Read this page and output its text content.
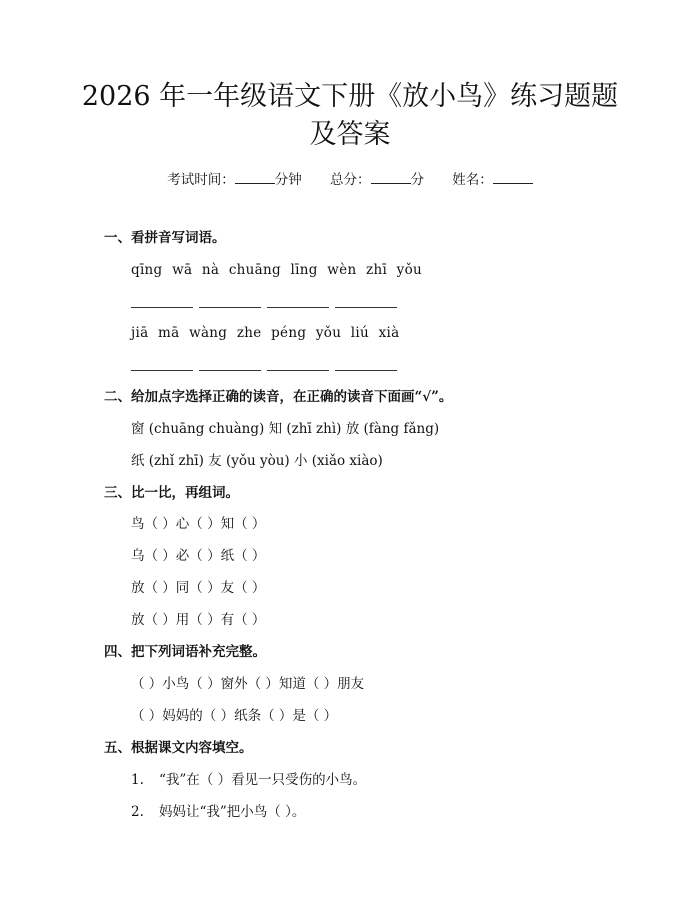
2026 年一年级语文下册《放小鸟》练习题题
及答案
考试时间：	分钟 总分：	分 姓名：
一、看拼音写词语。
qīng wā nà chuāng līng wèn zhī yǒu
jiā mā wàng zhe péng yǒu liú xià
二、给加点字选择正确的读音，在正确的读音下面画“√”。
窗 (chuāng chuàng) 知 (zhī zhì) 放 (fàng fǎng)
纸 (zhǐ zhī) 友 (yǒu yòu) 小 (xiǎo xiào)
三、比一比，再组词。
鸟（ ）心（ ）知（ ）
乌（ ）必（ ）纸（ ）
放（ ）同（ ）友（ ）
放（ ）用（ ）有（ ）
四、把下列词语补充完整。
（ ）小鸟（ ）窗外（ ）知道（ ）朋友
（ ）妈妈的（ ）纸条（ ）是（ ）
五、根据课文内容填空。
1. “我”在（ ）看见一只受伤的小鸟。
2. 妈妈让“我”把小鸟（ ）。
